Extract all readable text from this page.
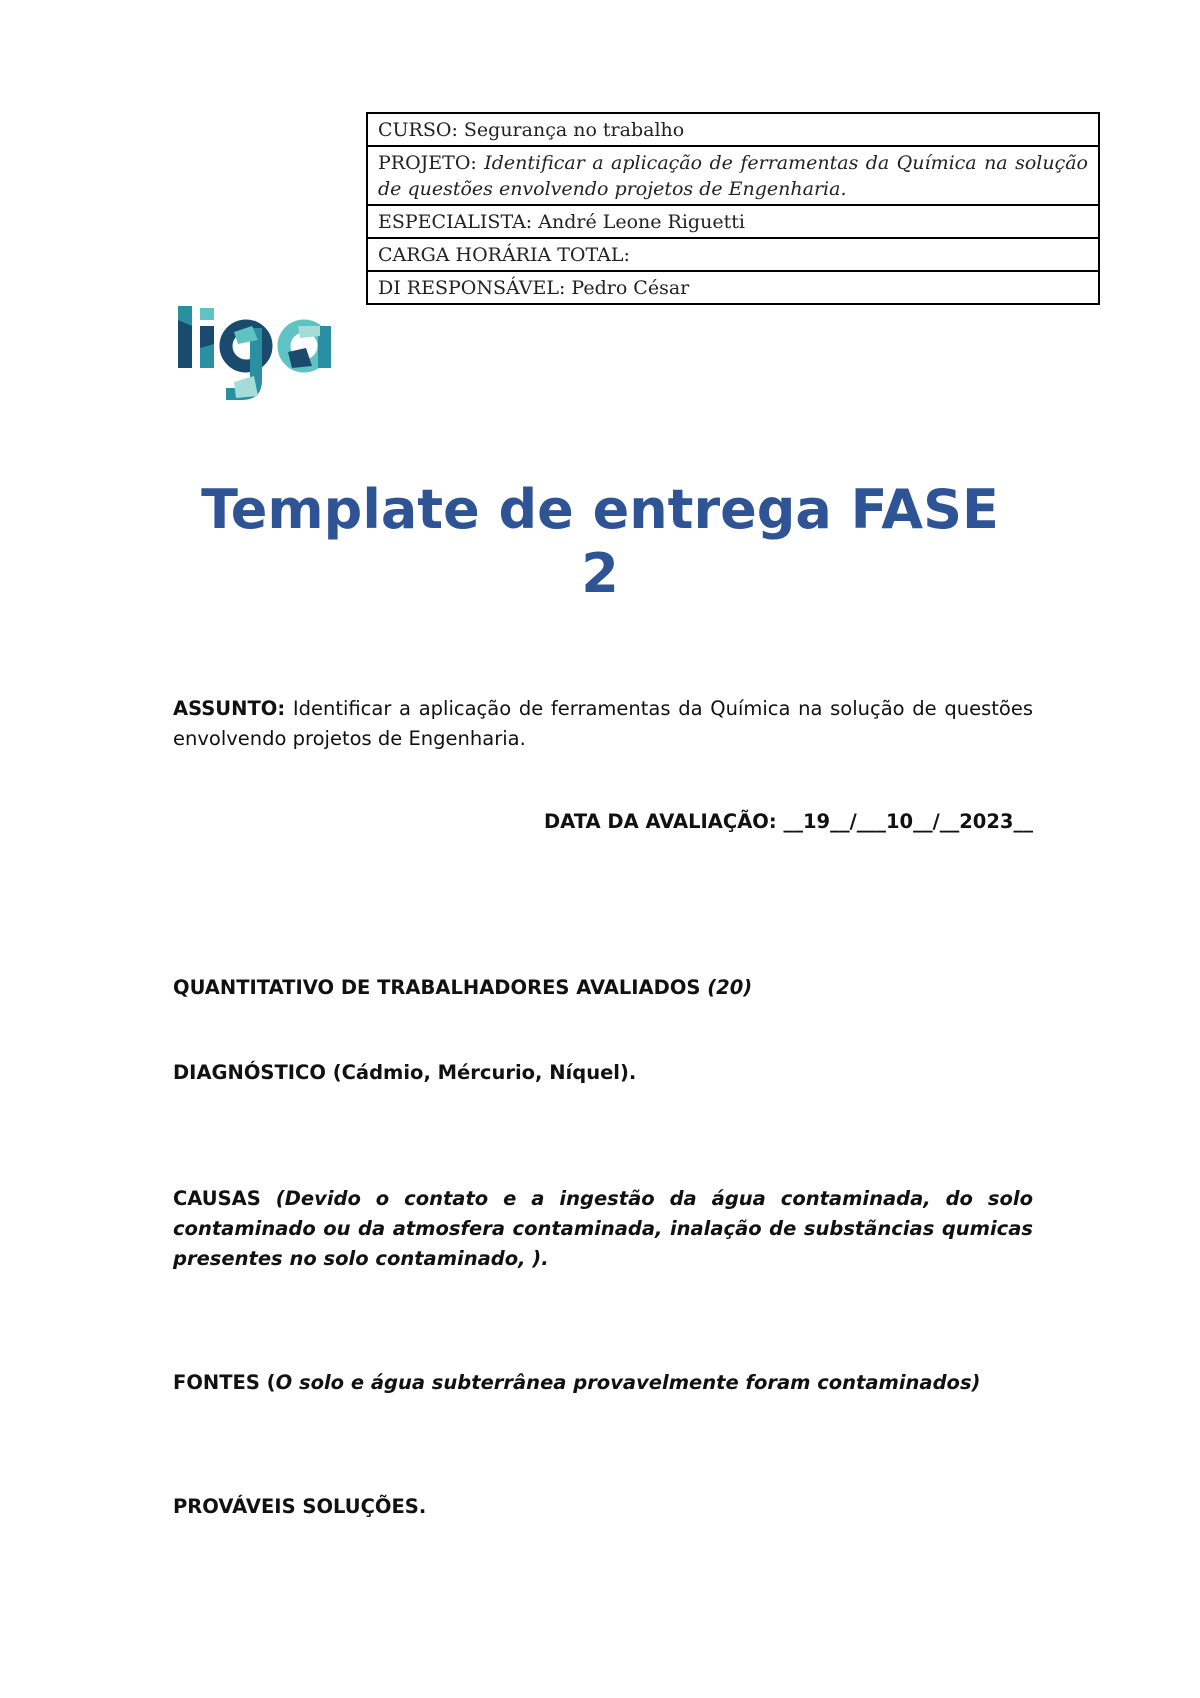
CURSO: Segurança no trabalho
PROJETO: Identificar a aplicação de ferramentas da Química na solução de questões envolvendo projetos de Engenharia.
ESPECIALISTA: André Leone Riguetti
CARGA HORÁRIA TOTAL:
DI RESPONSÁVEL: Pedro César
Template de entrega FASE
2
ASSUNTO: Identificar a aplicação de ferramentas da Química na solução de questões envolvendo projetos de Engenharia.
DATA DA AVALIAÇÃO: __19__/___10__/__2023__
QUANTITATIVO DE TRABALHADORES AVALIADOS (20)
DIAGNÓSTICO (Cádmio, Mércurio, Níquel).
CAUSAS (Devido o contato e a ingestão da água contaminada, do solo contaminado ou da atmosfera contaminada, inalação de substãncias qumicas presentes no solo contaminado, ).
FONTES (O solo e água subterrânea provavelmente foram contaminados)
PROVÁVEIS SOLUÇÕES.
